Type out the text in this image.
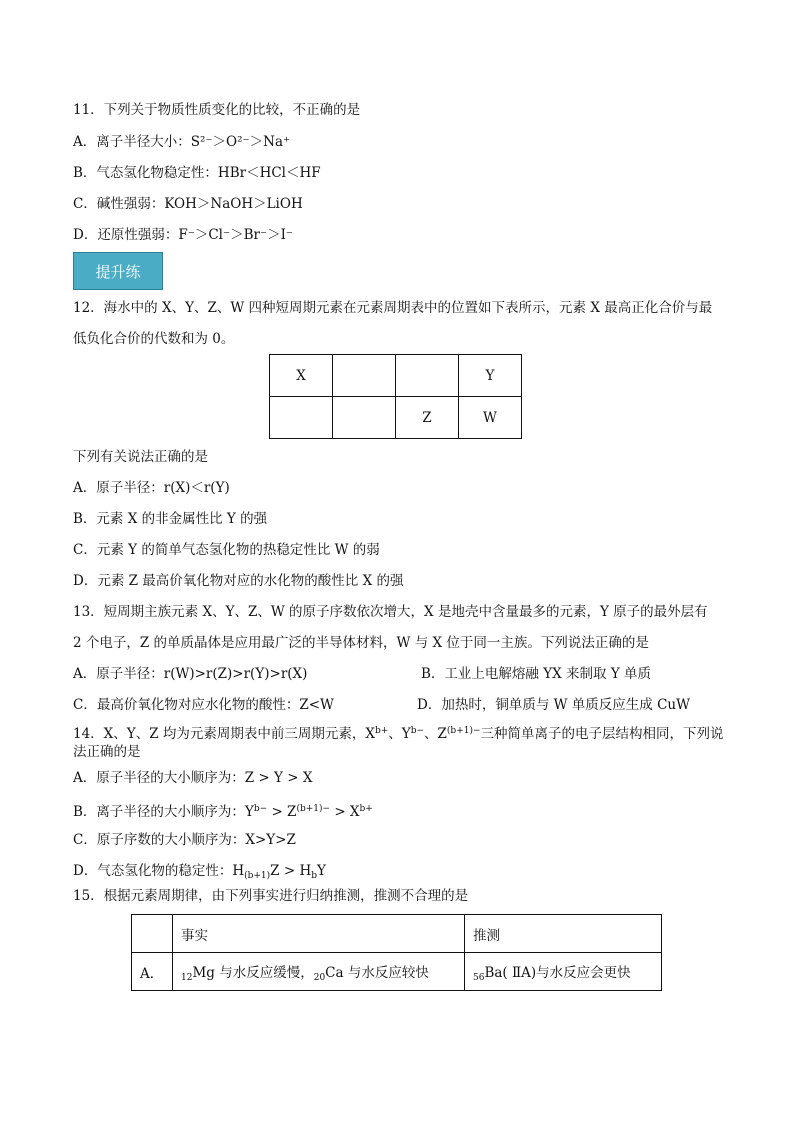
11．下列关于物质性质变化的比较，不正确的是
A．离子半径大小：S²⁻＞O²⁻＞Na⁺
B．气态氢化物稳定性：HBr＜HCl＜HF
C．碱性强弱：KOH＞NaOH＞LiOH
D．还原性强弱：F⁻＞Cl⁻＞Br⁻＞I⁻
提升练
12．海水中的 X、Y、Z、W 四种短周期元素在元素周期表中的位置如下表所示，元素 X 最高正化合价与最
低负化合价的代数和为 0。
X			Y
		Z	W
下列有关说法正确的是
A．原子半径：r(X)＜r(Y)
B．元素 X 的非金属性比 Y 的强
C．元素 Y 的简单气态氢化物的热稳定性比 W 的弱
D．元素 Z 最高价氧化物对应的水化物的酸性比 X 的强
13．短周期主族元素 X、Y、Z、W 的原子序数依次增大，X 是地壳中含量最多的元素，Y 原子的最外层有
2 个电子，Z 的单质晶体是应用最广泛的半导体材料，W 与 X 位于同一主族。下列说法正确的是
A．原子半径：r(W)>r(Z)>r(Y)>r(X)	B．工业上电解熔融 YX 来制取 Y 单质
C．最高价氧化物对应水化物的酸性：Z<W	D．加热时，铜单质与 W 单质反应生成 CuW
14．X、Y、Z 均为元素周期表中前三周期元素，$X^{b+}$、$Y^{b-}$、$Z^{(b+1)-}$三种简单离子的电子层结构相同，下列说
法正确的是
A．原子半径的大小顺序为：Z > Y > X
B．离子半径的大小顺序为：$Y^{b-} > Z^{(b+1)-} > X^{b+}$
C．原子序数的大小顺序为：X>Y>Z
D．气态氢化物的稳定性：$H_{(b+1)}Z > H_bY$
15．根据元素周期律，由下列事实进行归纳推测，推测不合理的是
	事实	推测
A．	$_{12}$Mg 与水反应缓慢，$_{20}$Ca 与水反应较快	$_{56}$Ba( ⅡA)与水反应会更快
